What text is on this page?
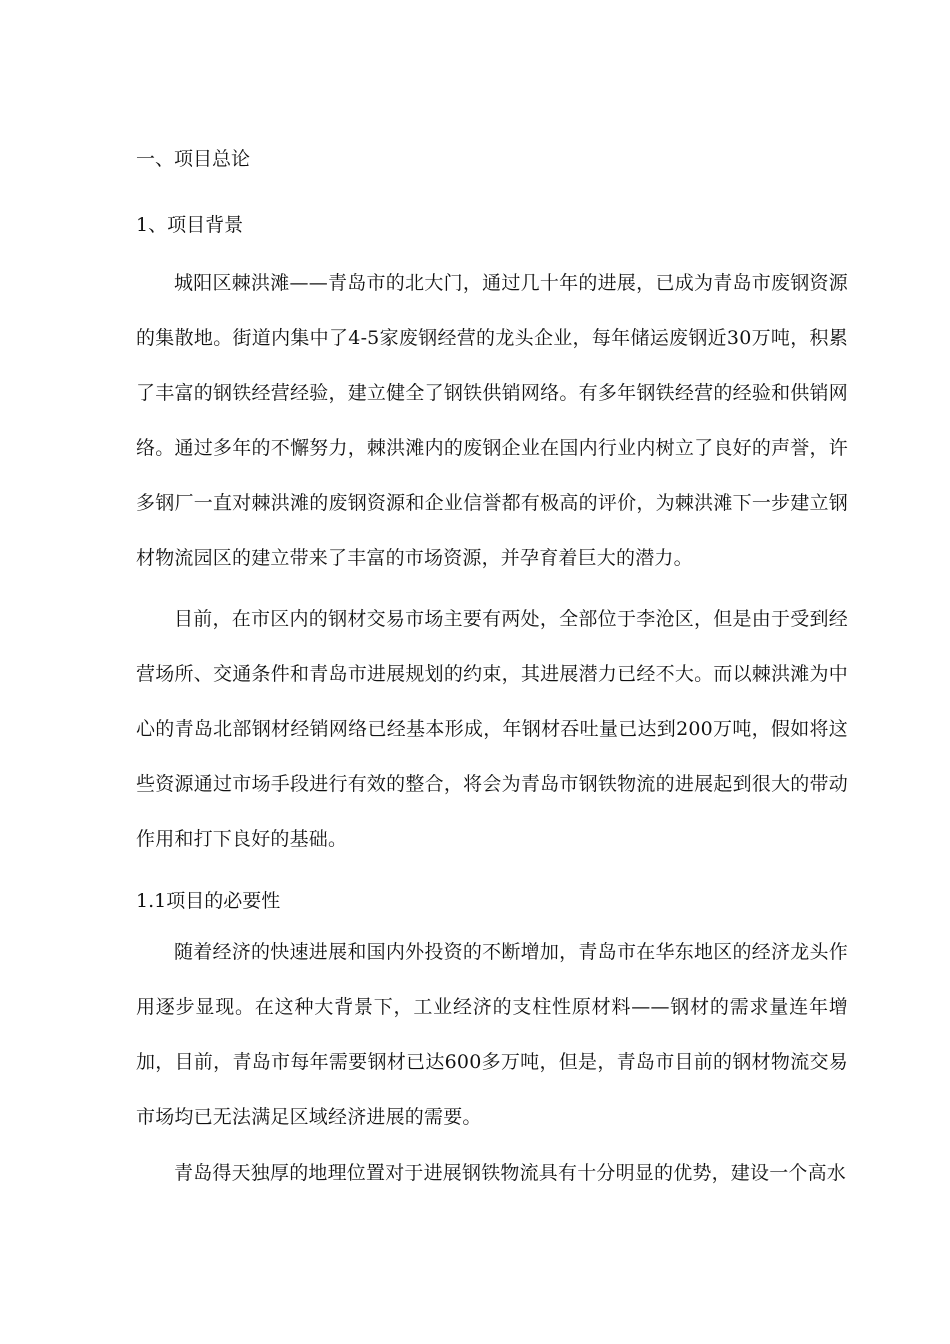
一、项目总论
1、项目背景

城阳区棘洪滩——青岛市的北大门，通过几十年的进展，已成为青岛市废钢资源的集散地。街道内集中了4-5家废钢经营的龙头企业，每年储运废钢近30万吨，积累了丰富的钢铁经营经验，建立健全了钢铁供销网络。有多年钢铁经营的经验和供销网络。通过多年的不懈努力，棘洪滩内的废钢企业在国内行业内树立了良好的声誉，许多钢厂一直对棘洪滩的废钢资源和企业信誉都有极高的评价，为棘洪滩下一步建立钢材物流园区的建立带来了丰富的市场资源，并孕育着巨大的潜力。

目前，在市区内的钢材交易市场主要有两处，全部位于李沧区，但是由于受到经营场所、交通条件和青岛市进展规划的约束，其进展潜力已经不大。而以棘洪滩为中心的青岛北部钢材经销网络已经基本形成，年钢材吞吐量已达到200万吨，假如将这些资源通过市场手段进行有效的整合，将会为青岛市钢铁物流的进展起到很大的带动作用和打下良好的基础。

1.1项目的必要性

随着经济的快速进展和国内外投资的不断增加，青岛市在华东地区的经济龙头作用逐步显现。在这种大背景下，工业经济的支柱性原材料——钢材的需求量连年增加，目前，青岛市每年需要钢材已达600多万吨，但是，青岛市目前的钢材物流交易市场均已无法满足区域经济进展的需要。

青岛得天独厚的地理位置对于进展钢铁物流具有十分明显的优势，建设一个高水
